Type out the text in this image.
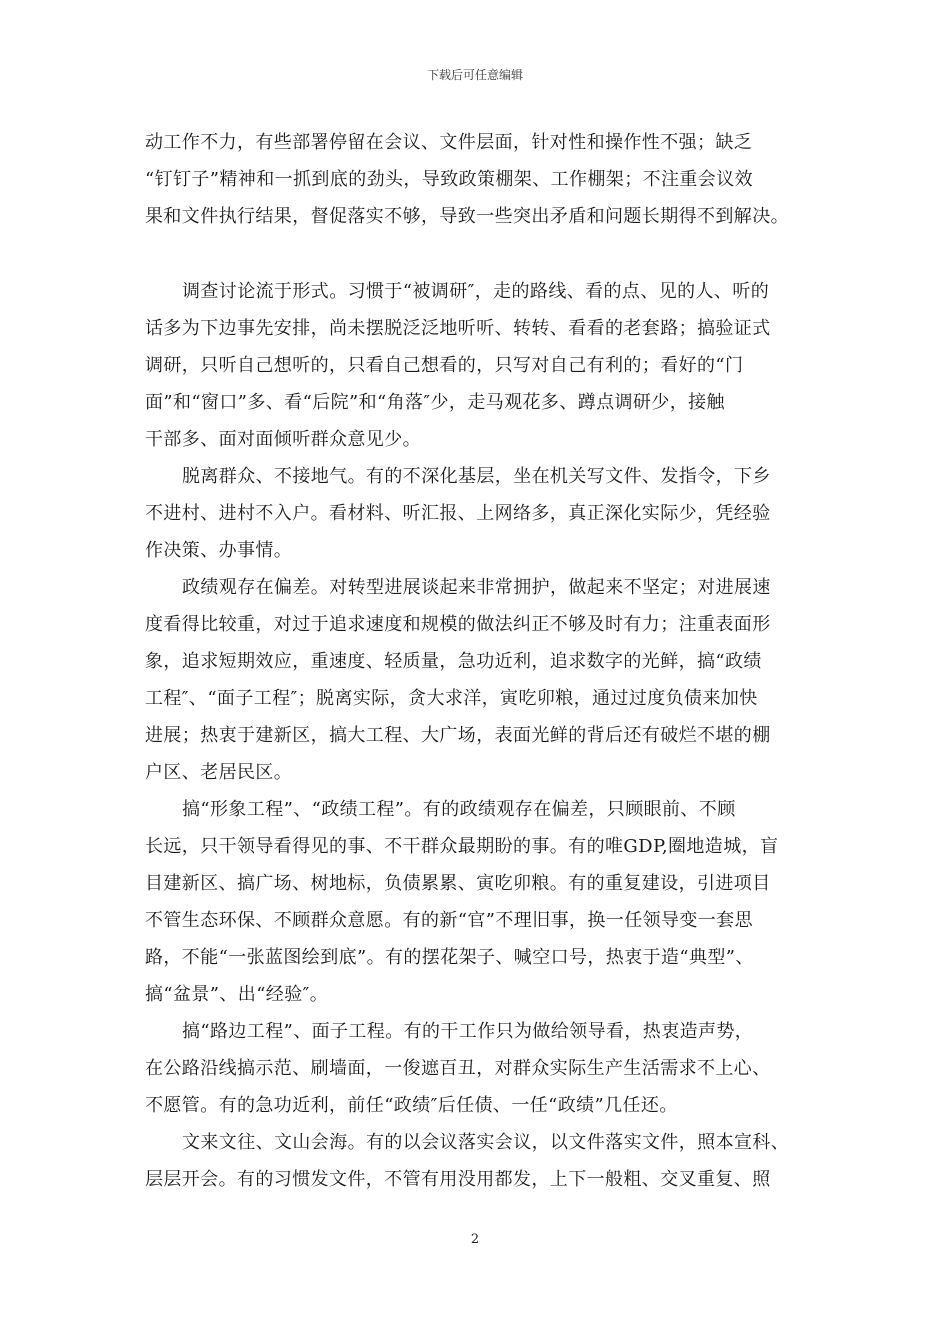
下载后可任意编辑
动工作不力，有些部署停留在会议、文件层面，针对性和操作性不强；缺乏
“钉钉子”精神和一抓到底的劲头，导致政策棚架、工作棚架；不注重会议效
果和文件执行结果，督促落实不够，导致一些突出矛盾和问题长期得不到解决。
调查讨论流于形式。习惯于“被调研″，走的路线、看的点、见的人、听的
话多为下边事先安排，尚未摆脱泛泛地听听、转转、看看的老套路；搞验证式
调研，只听自己想听的，只看自己想看的，只写对自己有利的；看好的“门
面”和“窗口”多、看“后院”和“角落″少，走马观花多、蹲点调研少，接触
干部多、面对面倾听群众意见少。
脱离群众、不接地气。有的不深化基层，坐在机关写文件、发指令，下乡
不进村、进村不入户。看材料、听汇报、上网络多，真正深化实际少，凭经验
作决策、办事情。
政绩观存在偏差。对转型进展谈起来非常拥护，做起来不坚定；对进展速
度看得比较重，对过于追求速度和规模的做法纠正不够及时有力；注重表面形
象，追求短期效应，重速度、轻质量，急功近利，追求数字的光鲜，搞“政绩
工程″、“面子工程″；脱离实际，贪大求洋，寅吃卯粮，通过过度负债来加快
进展；热衷于建新区，搞大工程、大广场，表面光鲜的背后还有破烂不堪的棚
户区、老居民区。
搞“形象工程”、“政绩工程”。有的政绩观存在偏差，只顾眼前、不顾
长远，只干领导看得见的事、不干群众最期盼的事。有的唯GDP,圈地造城，盲
目建新区、搞广场、树地标，负债累累、寅吃卯粮。有的重复建设，引进项目
不管生态环保、不顾群众意愿。有的新“官”不理旧事，换一任领导变一套思
路，不能“一张蓝图绘到底”。有的摆花架子、喊空口号，热衷于造“典型”、
搞“盆景”、出“经验″。
搞“路边工程”、面子工程。有的干工作只为做给领导看，热衷造声势，
在公路沿线搞示范、刷墙面，一俊遮百丑，对群众实际生产生活需求不上心、
不愿管。有的急功近利，前任“政绩″后任债、一任“政绩”几任还。
文来文往、文山会海。有的以会议落实会议，以文件落实文件，照本宣科、
层层开会。有的习惯发文件，不管有用没用都发，上下一般粗、交叉重复、照
2
